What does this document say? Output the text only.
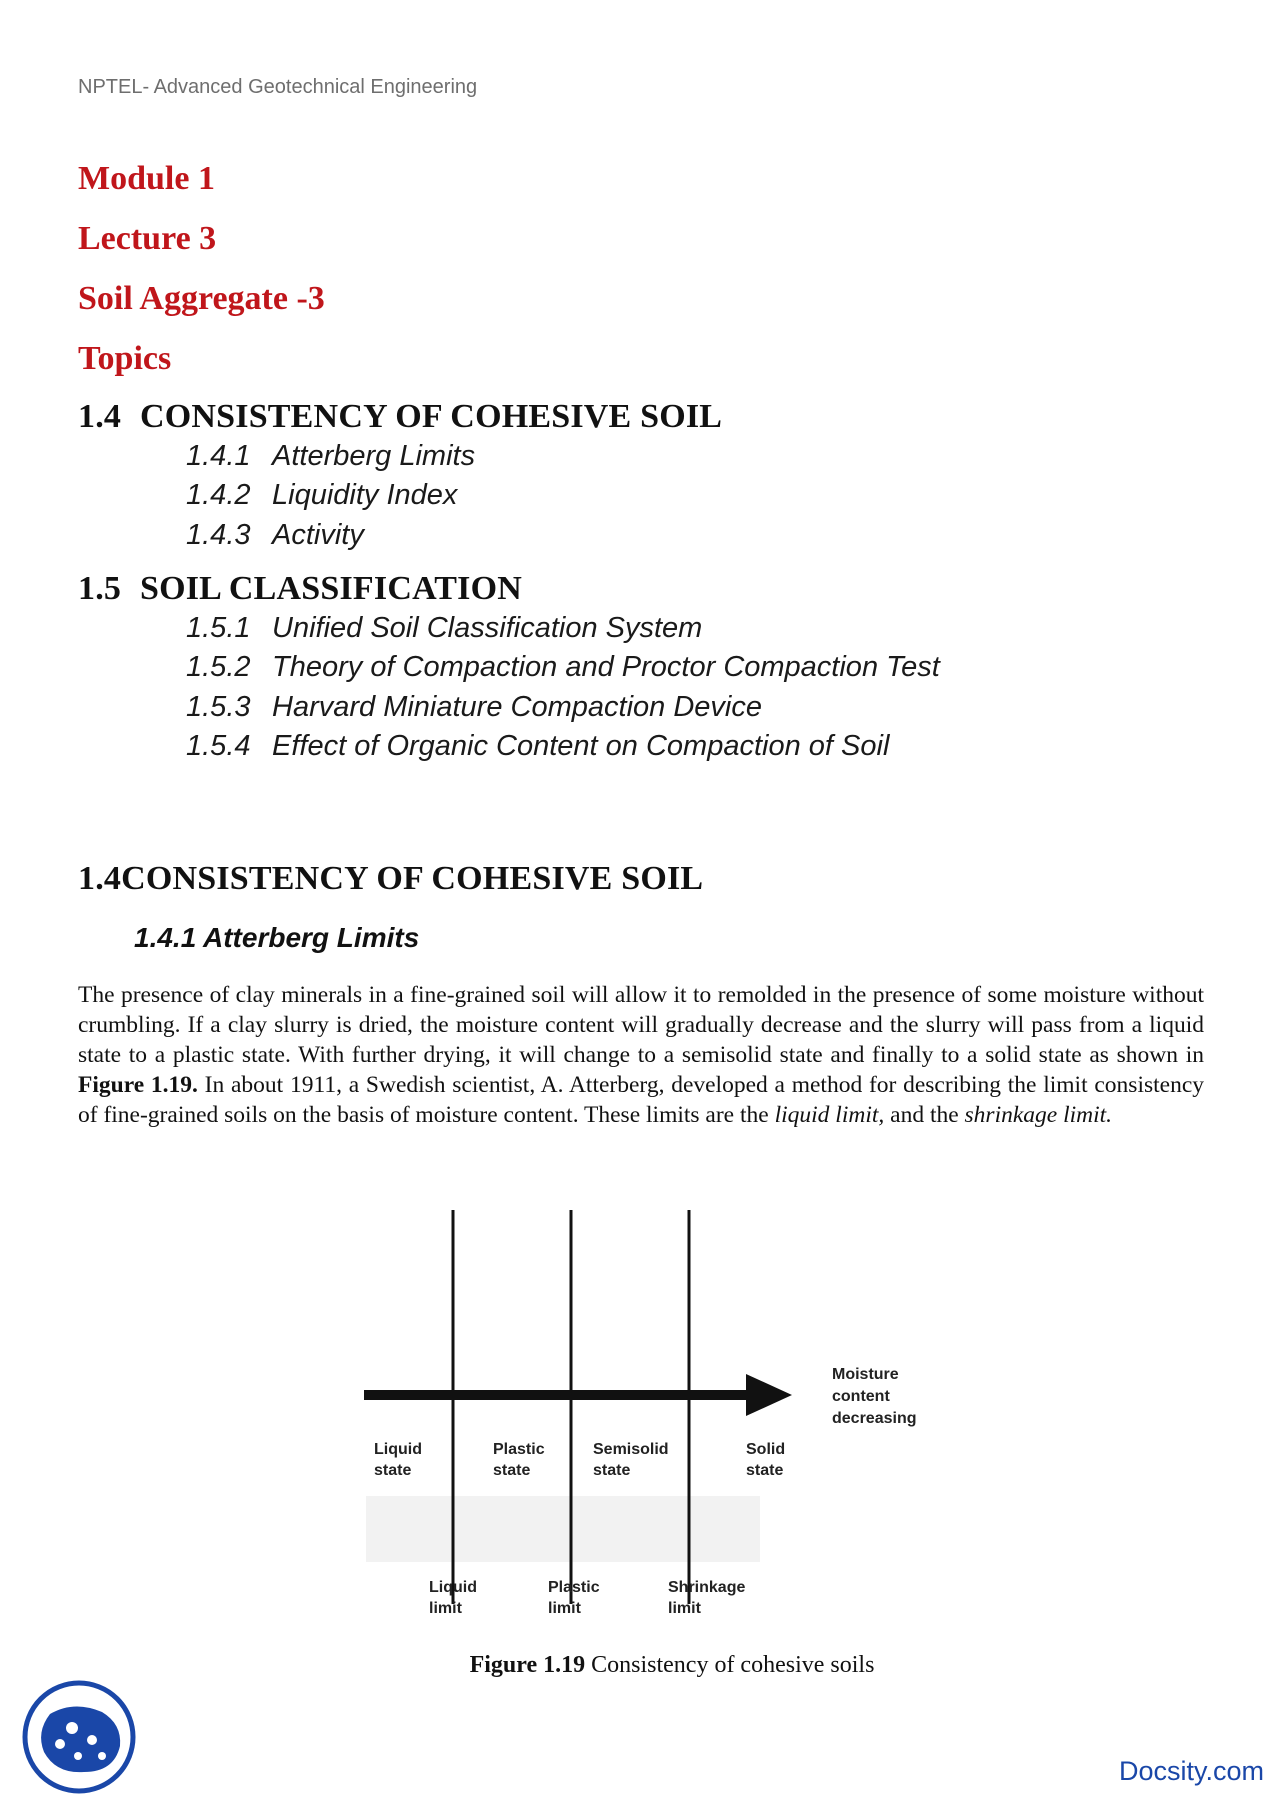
NPTEL- Advanced Geotechnical Engineering
Module 1
Lecture 3
Soil Aggregate -3
Topics
1.4 CONSISTENCY OF COHESIVE SOIL
1.4.1 Atterberg Limits
1.4.2 Liquidity Index
1.4.3 Activity
1.5 SOIL CLASSIFICATION
1.5.1 Unified Soil Classification System
1.5.2 Theory of Compaction and Proctor Compaction Test
1.5.3 Harvard Miniature Compaction Device
1.5.4 Effect of Organic Content on Compaction of Soil
1.4CONSISTENCY OF COHESIVE SOIL
1.4.1 Atterberg Limits
The presence of clay minerals in a fine-grained soil will allow it to remolded in the presence of some moisture without crumbling. If a clay slurry is dried, the moisture content will gradually decrease and the slurry will pass from a liquid state to a plastic state. With further drying, it will change to a semisolid state and finally to a solid state as shown in Figure 1.19. In about 1911, a Swedish scientist, A. Atterberg, developed a method for describing the limit consistency of fine-grained soils on the basis of moisture content. These limits are the liquid limit, and the shrinkage limit.
Moisture
content
decreasing
Liquid
state
Plastic
state
Semisolid
state
Solid
state
Liquid
limit
Plastic
limit
Shrinkage
limit
Figure 1.19 Consistency of cohesive soils
Docsity.com
